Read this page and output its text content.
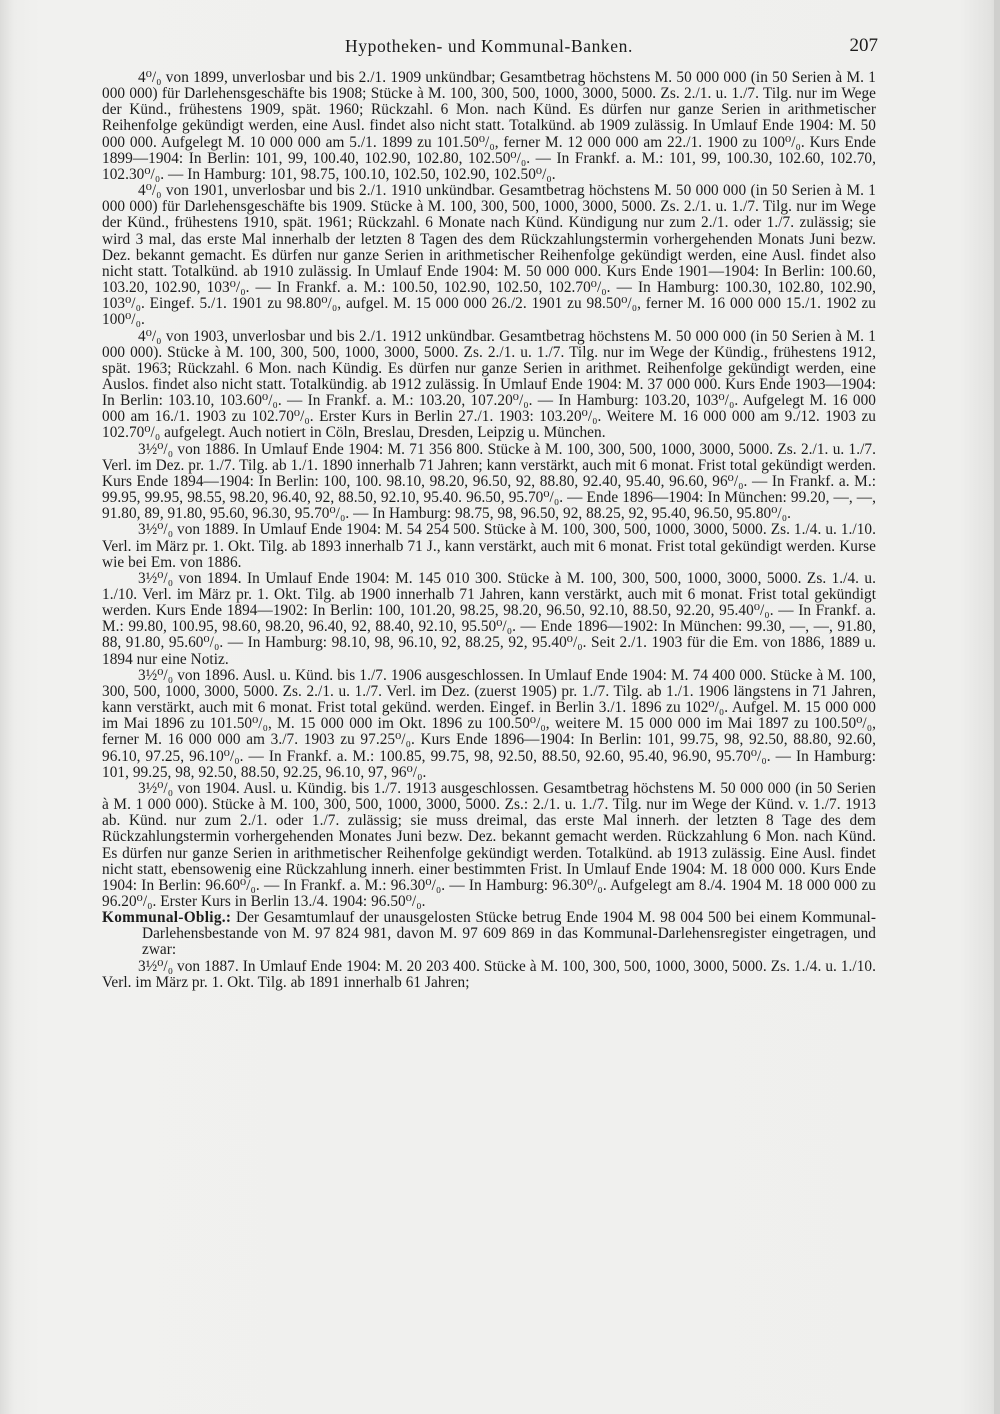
Hypotheken- und Kommunal-Banken.	207

4⁰/₀ von 1899, unverlosbar und bis 2./1. 1909 unkündbar; Gesamtbetrag höchstens M. 50 000 000 (in 50 Serien à M. 1 000 000) für Darlehensgeschäfte bis 1908; Stücke à M. 100, 300, 500, 1000, 3000, 5000. Zs. 2./1. u. 1./7. Tilg. nur im Wege der Künd., frühestens 1909, spät. 1960; Rückzahl. 6 Mon. nach Künd. Es dürfen nur ganze Serien in arithmetischer Reihenfolge gekündigt werden, eine Ausl. findet also nicht statt. Totalkünd. ab 1909 zulässig. In Umlauf Ende 1904: M. 50 000 000. Aufgelegt M. 10 000 000 am 5./1. 1899 zu 101.50⁰/₀, ferner M. 12 000 000 am 22./1. 1900 zu 100⁰/₀. Kurs Ende 1899—1904: In Berlin: 101, 99, 100.40, 102.90, 102.80, 102.50⁰/₀. — In Frankf. a. M.: 101, 99, 100.30, 102.60, 102.70, 102.30⁰/₀. — In Hamburg: 101, 98.75, 100.10, 102.50, 102.90, 102.50⁰/₀.

4⁰/₀ von 1901, unverlosbar und bis 2./1. 1910 unkündbar. Gesamtbetrag höchstens M. 50 000 000 (in 50 Serien à M. 1 000 000) für Darlehensgeschäfte bis 1909. Stücke à M. 100, 300, 500, 1000, 3000, 5000. Zs. 2./1. u. 1./7. Tilg. nur im Wege der Künd., frühestens 1910, spät. 1961; Rückzahl. 6 Monate nach Künd. Kündigung nur zum 2./1. oder 1./7. zulässig; sie wird 3 mal, das erste Mal innerhalb der letzten 8 Tagen des dem Rückzahlungstermin vorhergehenden Monats Juni bezw. Dez. bekannt gemacht. Es dürfen nur ganze Serien in arithmetischer Reihenfolge gekündigt werden, eine Ausl. findet also nicht statt. Totalkünd. ab 1910 zulässig. In Umlauf Ende 1904: M. 50 000 000. Kurs Ende 1901—1904: In Berlin: 100.60, 103.20, 102.90, 103⁰/₀. — In Frankf. a. M.: 100.50, 102.90, 102.50, 102.70⁰/₀. — In Hamburg: 100.30, 102.80, 102.90, 103⁰/₀. Eingef. 5./1. 1901 zu 98.80⁰/₀, aufgel. M. 15 000 000 26./2. 1901 zu 98.50⁰/₀, ferner M. 16 000 000 15./1. 1902 zu 100⁰/₀.

4⁰/₀ von 1903, unverlosbar und bis 2./1. 1912 unkündbar. Gesamtbetrag höchstens M. 50 000 000 (in 50 Serien à M. 1 000 000). Stücke à M. 100, 300, 500, 1000, 3000, 5000. Zs. 2./1. u. 1./7. Tilg. nur im Wege der Kündig., frühestens 1912, spät. 1963; Rückzahl. 6 Mon. nach Kündig. Es dürfen nur ganze Serien in arithmet. Reihenfolge gekündigt werden, eine Auslos. findet also nicht statt. Totalkündig. ab 1912 zulässig. In Umlauf Ende 1904: M. 37 000 000. Kurs Ende 1903—1904: In Berlin: 103.10, 103.60⁰/₀. — In Frankf. a. M.: 103.20, 107.20⁰/₀. — In Hamburg: 103.20, 103⁰/₀. Aufgelegt M. 16 000 000 am 16./1. 1903 zu 102.70⁰/₀. Erster Kurs in Berlin 27./1. 1903: 103.20⁰/₀. Weitere M. 16 000 000 am 9./12. 1903 zu 102.70⁰/₀ aufgelegt. Auch notiert in Cöln, Breslau, Dresden, Leipzig u. München.

3½⁰/₀ von 1886. In Umlauf Ende 1904: M. 71 356 800. Stücke à M. 100, 300, 500, 1000, 3000, 5000. Zs. 2./1. u. 1./7. Verl. im Dez. pr. 1./7. Tilg. ab 1./1. 1890 innerhalb 71 Jahren; kann verstärkt, auch mit 6 monat. Frist total gekündigt werden. Kurs Ende 1894—1904: In Berlin: 100, 100. 98.10, 98.20, 96.50, 92, 88.80, 92.40, 95.40, 96.60, 96⁰/₀. — In Frankf. a. M.: 99.95, 99.95, 98.55, 98.20, 96.40, 92, 88.50, 92.10, 95.40. 96.50, 95.70⁰/₀. — Ende 1896—1904: In München: 99.20, —, —, 91.80, 89, 91.80, 95.60, 96.30, 95.70⁰/₀. — In Hamburg: 98.75, 98, 96.50, 92, 88.25, 92, 95.40, 96.50, 95.80⁰/₀.

3½⁰/₀ von 1889. In Umlauf Ende 1904: M. 54 254 500. Stücke à M. 100, 300, 500, 1000, 3000, 5000. Zs. 1./4. u. 1./10. Verl. im März pr. 1. Okt. Tilg. ab 1893 innerhalb 71 J., kann verstärkt, auch mit 6 monat. Frist total gekündigt werden. Kurse wie bei Em. von 1886.

3½⁰/₀ von 1894. In Umlauf Ende 1904: M. 145 010 300. Stücke à M. 100, 300, 500, 1000, 3000, 5000. Zs. 1./4. u. 1./10. Verl. im März pr. 1. Okt. Tilg. ab 1900 innerhalb 71 Jahren, kann verstärkt, auch mit 6 monat. Frist total gekündigt werden. Kurs Ende 1894—1902: In Berlin: 100, 101.20, 98.25, 98.20, 96.50, 92.10, 88.50, 92.20, 95.40⁰/₀. — In Frankf. a. M.: 99.80, 100.95, 98.60, 98.20, 96.40, 92, 88.40, 92.10, 95.50⁰/₀. — Ende 1896—1902: In München: 99.30, —, —, 91.80, 88, 91.80, 95.60⁰/₀. — In Hamburg: 98.10, 98, 96.10, 92, 88.25, 92, 95.40⁰/₀. Seit 2./1. 1903 für die Em. von 1886, 1889 u. 1894 nur eine Notiz.

3½⁰/₀ von 1896. Ausl. u. Künd. bis 1./7. 1906 ausgeschlossen. In Umlauf Ende 1904: M. 74 400 000. Stücke à M. 100, 300, 500, 1000, 3000, 5000. Zs. 2./1. u. 1./7. Verl. im Dez. (zuerst 1905) pr. 1./7. Tilg. ab 1./1. 1906 längstens in 71 Jahren, kann verstärkt, auch mit 6 monat. Frist total gekünd. werden. Eingef. in Berlin 3./1. 1896 zu 102⁰/₀. Aufgel. M. 15 000 000 im Mai 1896 zu 101.50⁰/₀, M. 15 000 000 im Okt. 1896 zu 100.50⁰/₀, weitere M. 15 000 000 im Mai 1897 zu 100.50⁰/₀, ferner M. 16 000 000 am 3./7. 1903 zu 97.25⁰/₀. Kurs Ende 1896—1904: In Berlin: 101, 99.75, 98, 92.50, 88.80, 92.60, 96.10, 97.25, 96.10⁰/₀. — In Frankf. a. M.: 100.85, 99.75, 98, 92.50, 88.50, 92.60, 95.40, 96.90, 95.70⁰/₀. — In Hamburg: 101, 99.25, 98, 92.50, 88.50, 92.25, 96.10, 97, 96⁰/₀.

3½⁰/₀ von 1904. Ausl. u. Kündig. bis 1./7. 1913 ausgeschlossen. Gesamtbetrag höchstens M. 50 000 000 (in 50 Serien à M. 1 000 000). Stücke à M. 100, 300, 500, 1000, 3000, 5000. Zs.: 2./1. u. 1./7. Tilg. nur im Wege der Künd. v. 1./7. 1913 ab. Künd. nur zum 2./1. oder 1./7. zulässig; sie muss dreimal, das erste Mal innerh. der letzten 8 Tage des dem Rückzahlungstermin vorhergehenden Monates Juni bezw. Dez. bekannt gemacht werden. Rückzahlung 6 Mon. nach Künd. Es dürfen nur ganze Serien in arithmetischer Reihenfolge gekündigt werden. Totalkünd. ab 1913 zulässig. Eine Ausl. findet nicht statt, ebensowenig eine Rückzahlung innerh. einer bestimmten Frist. In Umlauf Ende 1904: M. 18 000 000. Kurs Ende 1904: In Berlin: 96.60⁰/₀. — In Frankf. a. M.: 96.30⁰/₀. — In Hamburg: 96.30⁰/₀. Aufgelegt am 8./4. 1904 M. 18 000 000 zu 96.20⁰/₀. Erster Kurs in Berlin 13./4. 1904: 96.50⁰/₀.

Kommunal-Oblig.: Der Gesamtumlauf der unausgelosten Stücke betrug Ende 1904 M. 98 004 500 bei einem Kommunal-Darlehensbestande von M. 97 824 981, davon M. 97 609 869 in das Kommunal-Darlehensregister eingetragen, und zwar:

3½⁰/₀ von 1887. In Umlauf Ende 1904: M. 20 203 400. Stücke à M. 100, 300, 500, 1000, 3000, 5000. Zs. 1./4. u. 1./10. Verl. im März pr. 1. Okt. Tilg. ab 1891 innerhalb 61 Jahren;
